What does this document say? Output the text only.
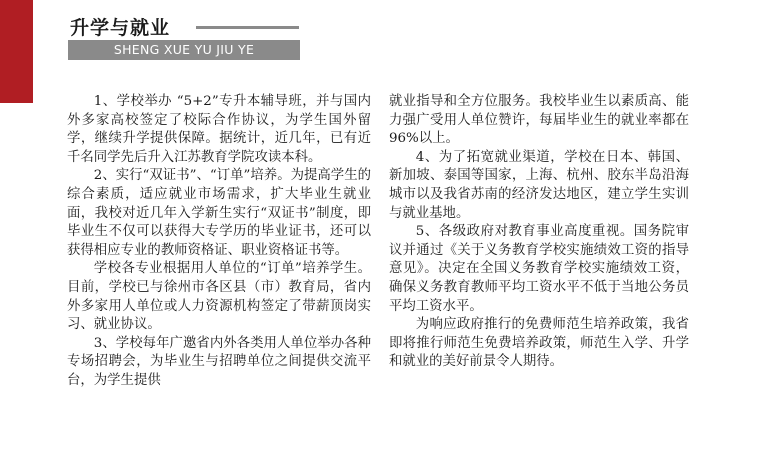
升学与就业
SHENG XUE YU JIU YE

1、学校举办 “5+2”专升本辅导班，并与国内外多家高校签定了校际合作协议，为学生国外留学，继续升学提供保障。据统计，近几年，已有近千名同学先后升入江苏教育学院攻读本科。

2、实行“双证书”、“订单”培养。为提高学生的综合素质，适应就业市场需求，扩大毕业生就业面，我校对近几年入学新生实行“双证书”制度，即毕业生不仅可以获得大专学历的毕业证书，还可以获得相应专业的教师资格证、职业资格证书等。

学校各专业根据用人单位的“订单”培养学生。目前，学校已与徐州市各区县（市）教育局，省内外多家用人单位或人力资源机构签定了带薪顶岗实习、就业协议。

3、学校每年广邀省内外各类用人单位举办各种专场招聘会，为毕业生与招聘单位之间提供交流平台，为学生提供

就业指导和全方位服务。我校毕业生以素质高、能力强广受用人单位赞许，每届毕业生的就业率都在96%以上。

4、为了拓宽就业渠道，学校在日本、韩国、新加坡、泰国等国家，上海、杭州、胶东半岛沿海城市以及我省苏南的经济发达地区，建立学生实训与就业基地。

5、各级政府对教育事业高度重视。国务院审议并通过《关于义务教育学校实施绩效工资的指导意见》。决定在全国义务教育学校实施绩效工资，确保义务教育教师平均工资水平不低于当地公务员平均工资水平。

为响应政府推行的免费师范生培养政策，我省即将推行师范生免费培养政策，师范生入学、升学和就业的美好前景令人期待。
